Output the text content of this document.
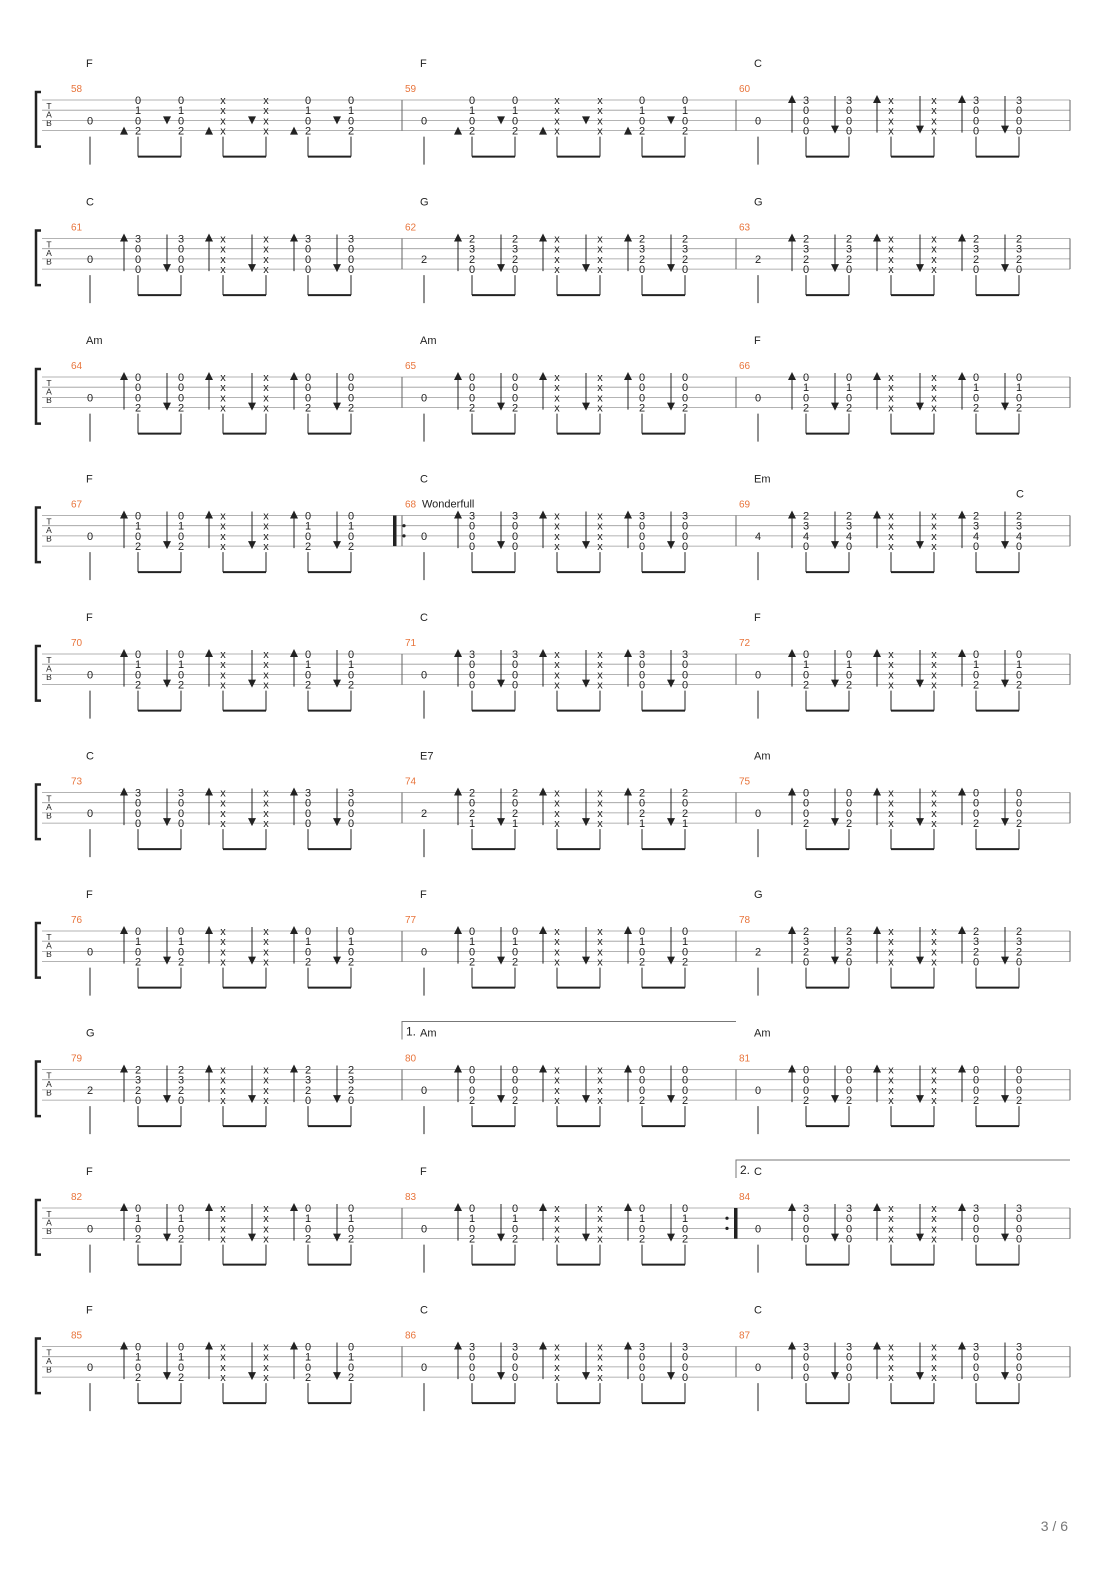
T
A
B
F
58
0
0
1
0
2
0
1
0
2
x
x
x
x
x
x
x
x
0
1
0
2
0
1
0
2
F
59
0
0
1
0
2
0
1
0
2
x
x
x
x
x
x
x
x
0
1
0
2
0
1
0
2
C
60
0
3
0
0
0
3
0
0
0
x
x
x
x
x
x
x
x
3
0
0
0
3
0
0
0
T
A
B
C
61
0
3
0
0
0
3
0
0
0
x
x
x
x
x
x
x
x
3
0
0
0
3
0
0
0
G
62
2
2
3
2
0
2
3
2
0
x
x
x
x
x
x
x
x
2
3
2
0
2
3
2
0
G
63
2
2
3
2
0
2
3
2
0
x
x
x
x
x
x
x
x
2
3
2
0
2
3
2
0
T
A
B
Am
64
0
0
0
0
2
0
0
0
2
x
x
x
x
x
x
x
x
0
0
0
2
0
0
0
2
Am
65
0
0
0
0
2
0
0
0
2
x
x
x
x
x
x
x
x
0
0
0
2
0
0
0
2
F
66
0
0
1
0
2
0
1
0
2
x
x
x
x
x
x
x
x
0
1
0
2
0
1
0
2
T
A
B
F
67
0
0
1
0
2
0
1
0
2
x
x
x
x
x
x
x
x
0
1
0
2
0
1
0
2
C
Wonderfull
68
0
3
0
0
0
3
0
0
0
x
x
x
x
x
x
x
x
3
0
0
0
3
0
0
0
Em
C
69
4
2
3
4
0
2
3
4
0
x
x
x
x
x
x
x
x
2
3
4
0
2
3
4
0
T
A
B
F
70
0
0
1
0
2
0
1
0
2
x
x
x
x
x
x
x
x
0
1
0
2
0
1
0
2
C
71
0
3
0
0
0
3
0
0
0
x
x
x
x
x
x
x
x
3
0
0
0
3
0
0
0
F
72
0
0
1
0
2
0
1
0
2
x
x
x
x
x
x
x
x
0
1
0
2
0
1
0
2
T
A
B
C
73
0
3
0
0
0
3
0
0
0
x
x
x
x
x
x
x
x
3
0
0
0
3
0
0
0
E7
74
2
2
0
2
1
2
0
2
1
x
x
x
x
x
x
x
x
2
0
2
1
2
0
2
1
Am
75
0
0
0
0
2
0
0
0
2
x
x
x
x
x
x
x
x
0
0
0
2
0
0
0
2
T
A
B
F
76
0
0
1
0
2
0
1
0
2
x
x
x
x
x
x
x
x
0
1
0
2
0
1
0
2
F
77
0
0
1
0
2
0
1
0
2
x
x
x
x
x
x
x
x
0
1
0
2
0
1
0
2
G
78
2
2
3
2
0
2
3
2
0
x
x
x
x
x
x
x
x
2
3
2
0
2
3
2
0
T
A
B
G
79
2
2
3
2
0
2
3
2
0
x
x
x
x
x
x
x
x
2
3
2
0
2
3
2
0
Am
80
1.
0
0
0
0
2
0
0
0
2
x
x
x
x
x
x
x
x
0
0
0
2
0
0
0
2
Am
81
0
0
0
0
2
0
0
0
2
x
x
x
x
x
x
x
x
0
0
0
2
0
0
0
2
T
A
B
F
82
0
0
1
0
2
0
1
0
2
x
x
x
x
x
x
x
x
0
1
0
2
0
1
0
2
F
83
0
0
1
0
2
0
1
0
2
x
x
x
x
x
x
x
x
0
1
0
2
0
1
0
2
C
84
2.
0
3
0
0
0
3
0
0
0
x
x
x
x
x
x
x
x
3
0
0
0
3
0
0
0
T
A
B
F
85
0
0
1
0
2
0
1
0
2
x
x
x
x
x
x
x
x
0
1
0
2
0
1
0
2
C
86
0
3
0
0
0
3
0
0
0
x
x
x
x
x
x
x
x
3
0
0
0
3
0
0
0
C
87
0
3
0
0
0
3
0
0
0
x
x
x
x
x
x
x
x
3
0
0
0
3
0
0
0
3 / 6
